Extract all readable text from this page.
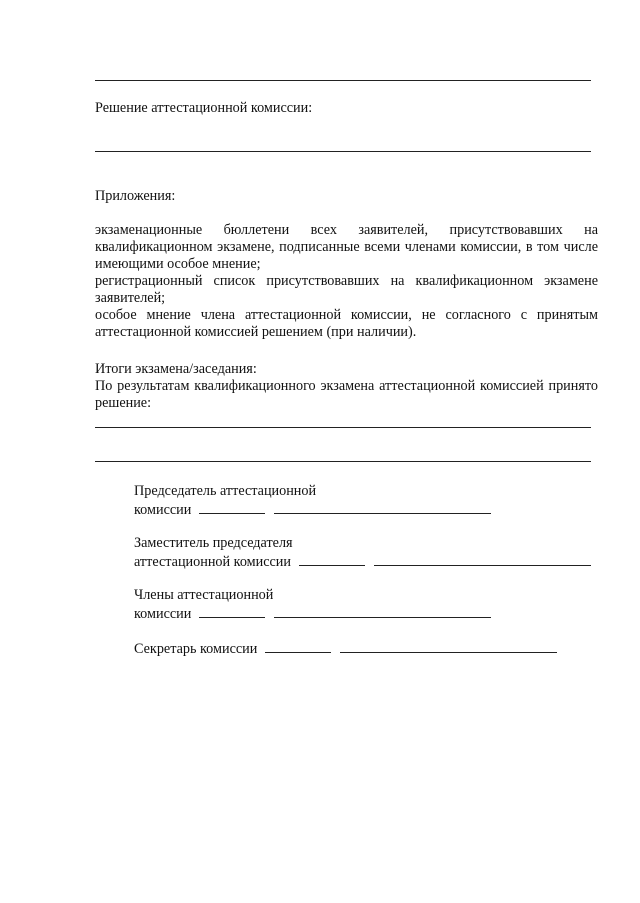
Решение аттестационной комиссии:

Приложения:

экзаменационные бюллетени всех заявителей, присутствовавших на квалификационном экзамене, подписанные всеми членами комиссии, в том числе имеющими особое мнение;

регистрационный список присутствовавших на квалификационном экзамене заявителей;

особое мнение члена аттестационной комиссии, не согласного с принятым аттестационной комиссией решением (при наличии).

Итоги экзамена/заседания:

По результатам квалификационного экзамена аттестационной комиссией принято решение:

Председатель аттестационной

комиссии

Заместитель председателя

аттестационной комиссии

Члены аттестационной

комиссии

Секретарь комиссии
